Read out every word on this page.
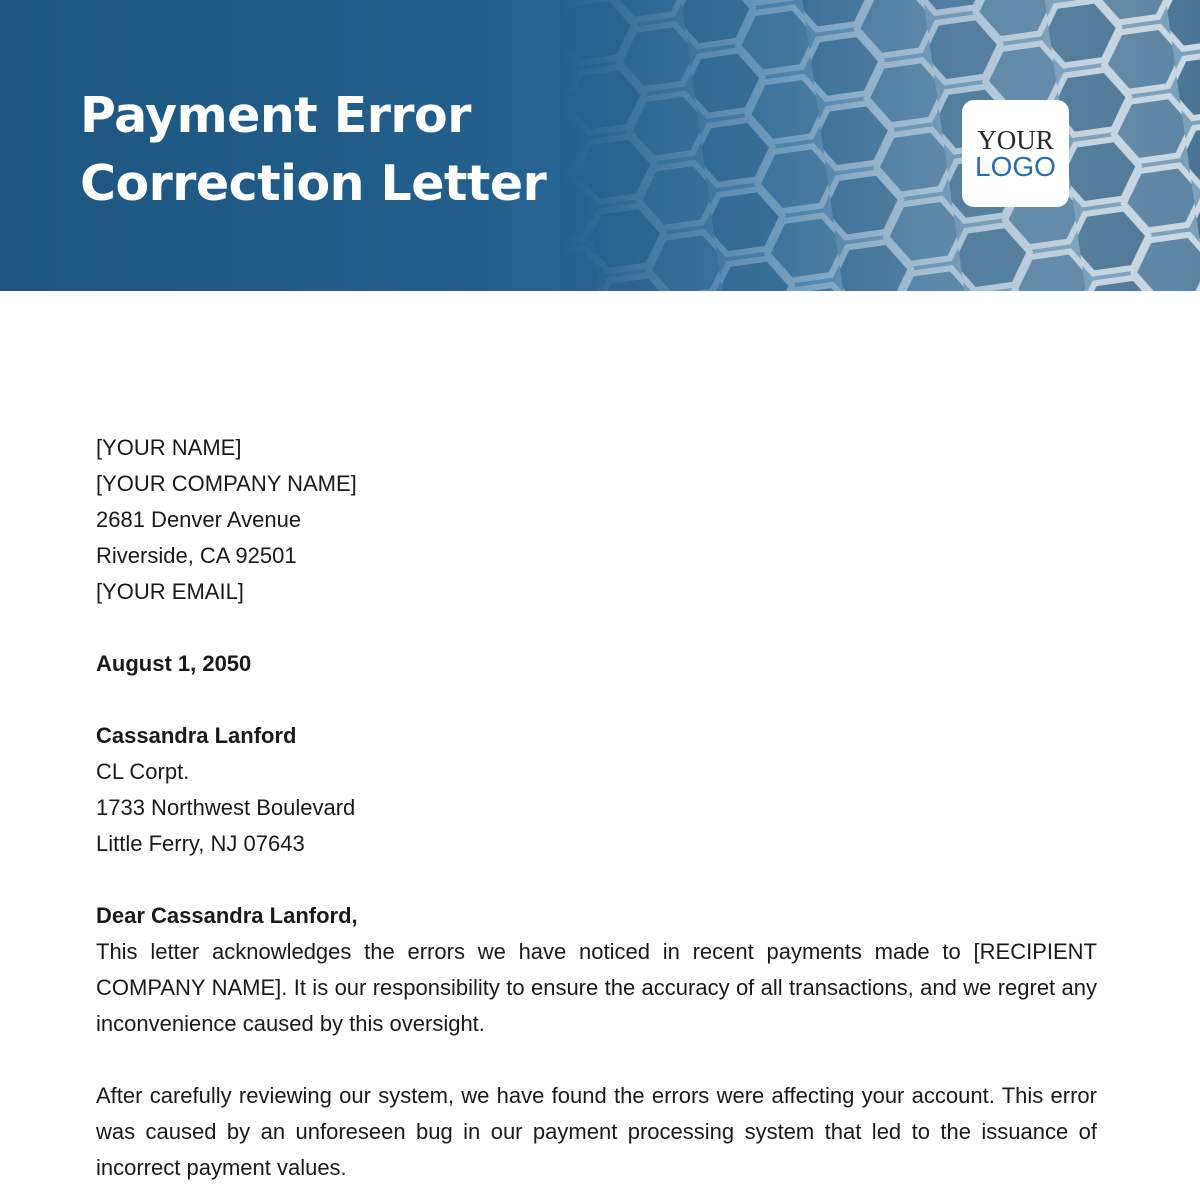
Payment Error
Correction Letter
YOUR
LOGO
[YOUR NAME]
[YOUR COMPANY NAME]
2681 Denver Avenue
Riverside, CA 92501
[YOUR EMAIL]
August 1, 2050
Cassandra Lanford
CL Corpt.
1733 Northwest Boulevard
Little Ferry, NJ 07643
Dear Cassandra Lanford,

This letter acknowledges the errors we have noticed in recent payments made to [RECIPIENT COMPANY NAME]. It is our responsibility to ensure the accuracy of all transactions, and we regret any inconvenience caused by this oversight.

After carefully reviewing our system, we have found the errors were affecting your account. This error was caused by an unforeseen bug in our payment processing system that led to the issuance of incorrect payment values.
